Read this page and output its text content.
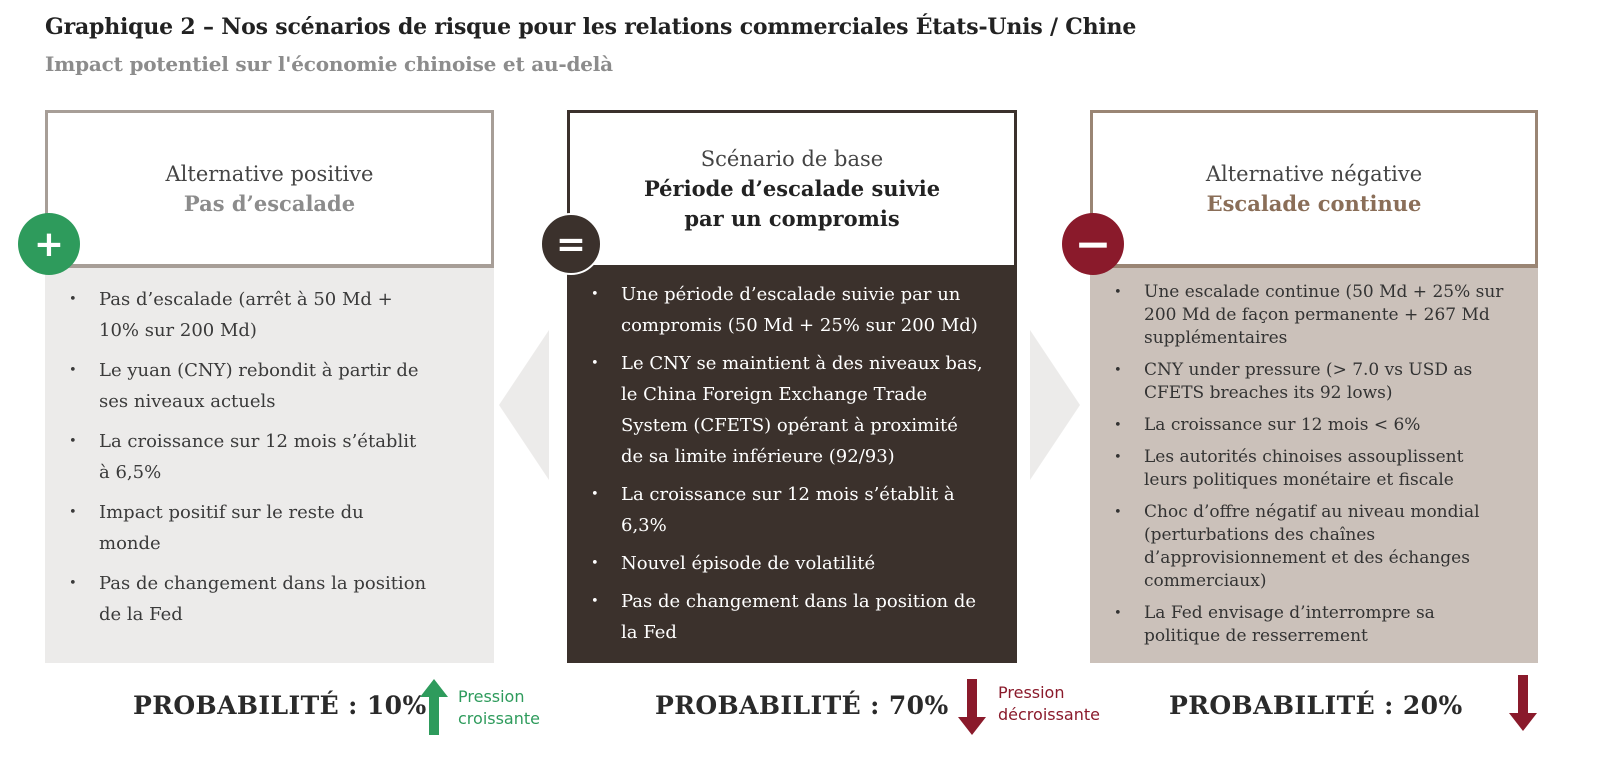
Graphique 2 – Nos scénarios de risque pour les relations commerciales États-Unis / Chine
Impact potentiel sur l'économie chinoise et au-delà
Alternative positive
Pas d’escalade
• Pas d’escalade (arrêt à 50 Md + 10% sur 200 Md)
• Le yuan (CNY) rebondit à partir de ses niveaux actuels
• La croissance sur 12 mois s’établit à 6,5%
• Impact positif sur le reste du monde
• Pas de changement dans la position de la Fed
+
Scénario de base
Période d’escalade suivie
par un compromis
• Une période d’escalade suivie par un compromis (50 Md + 25% sur 200 Md)
• Le CNY se maintient à des niveaux bas, le China Foreign Exchange Trade System (CFETS) opérant à proximité de sa limite inférieure (92/93)
• La croissance sur 12 mois s’établit à 6,3%
• Nouvel épisode de volatilité
• Pas de changement dans la position de la Fed
=
Alternative négative
Escalade continue
• Une escalade continue (50 Md + 25% sur 200 Md de façon permanente + 267 Md supplémentaires
• CNY under pressure (> 7.0 vs USD as CFETS breaches its 92 lows)
• La croissance sur 12 mois < 6%
• Les autorités chinoises assouplissent leurs politiques monétaire et fiscale
• Choc d’offre négatif au niveau mondial (perturbations des chaînes d’approvisionnement et des échanges commerciaux)
• La Fed envisage d’interrompre sa politique de resserrement
−
PROBABILITÉ : 10% Pression
croissante	PROBABILITÉ : 70%	Pression
décroissante	PROBABILITÉ : 20%
